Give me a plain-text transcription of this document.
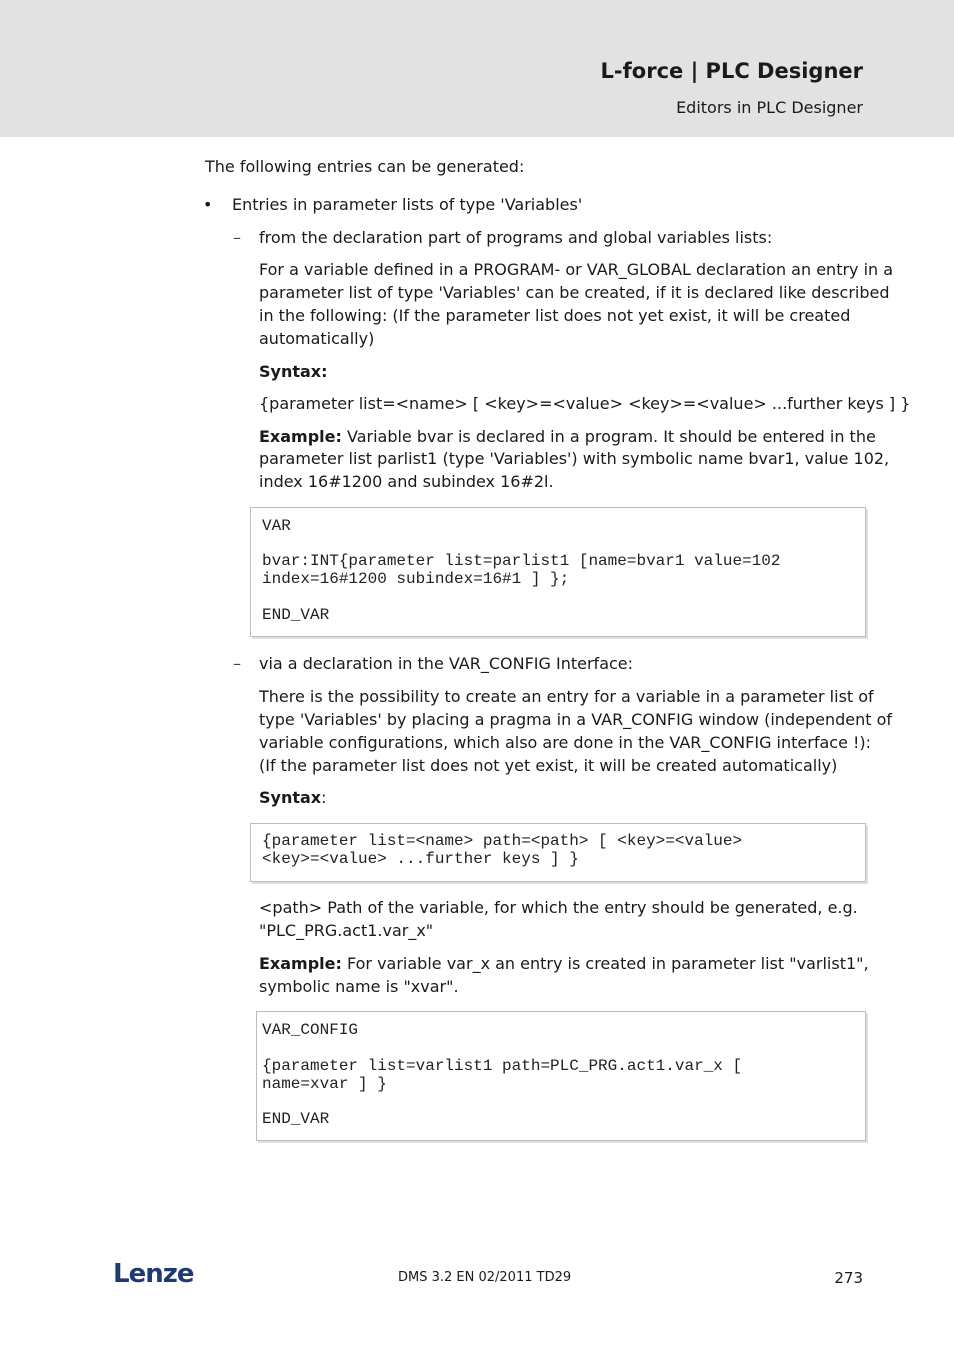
L-force | PLC Designer
Editors in PLC Designer
The following entries can be generated:
• Entries in parameter lists of type 'Variables'
– from the declaration part of programs and global variables lists:
For a variable defined in a PROGRAM- or VAR_GLOBAL declaration an entry in a
parameter list of type 'Variables' can be created, if it is declared like described
in the following: (If the parameter list does not yet exist, it will be created
automatically)
Syntax:
{parameter list=<name> [ <key>=<value> <key>=<value> ...further keys ] }
Example: Variable bvar is declared in a program. It should be entered in the
parameter list parlist1 (type 'Variables') with symbolic name bvar1, value 102,
index 16#1200 and subindex 16#2l.
VAR
bvar:INT{parameter list=parlist1 [name=bvar1 value=102
index=16#1200 subindex=16#1 ] };
END_VAR
– via a declaration in the VAR_CONFIG Interface:
There is the possibility to create an entry for a variable in a parameter list of
type 'Variables' by placing a pragma in a VAR_CONFIG window (independent of
variable configurations, which also are done in the VAR_CONFIG interface !):
(If the parameter list does not yet exist, it will be created automatically)
Syntax:
{parameter list=<name> path=<path> [ <key>=<value>
<key>=<value> ...further keys ] }
<path> Path of the variable, for which the entry should be generated, e.g.
"PLC_PRG.act1.var_x"
Example: For variable var_x an entry is created in parameter list "varlist1",
symbolic name is "xvar".
VAR_CONFIG
{parameter list=varlist1 path=PLC_PRG.act1.var_x [
name=xvar ] }
END_VAR
Lenze	DMS 3.2 EN 02/2011 TD29	273
